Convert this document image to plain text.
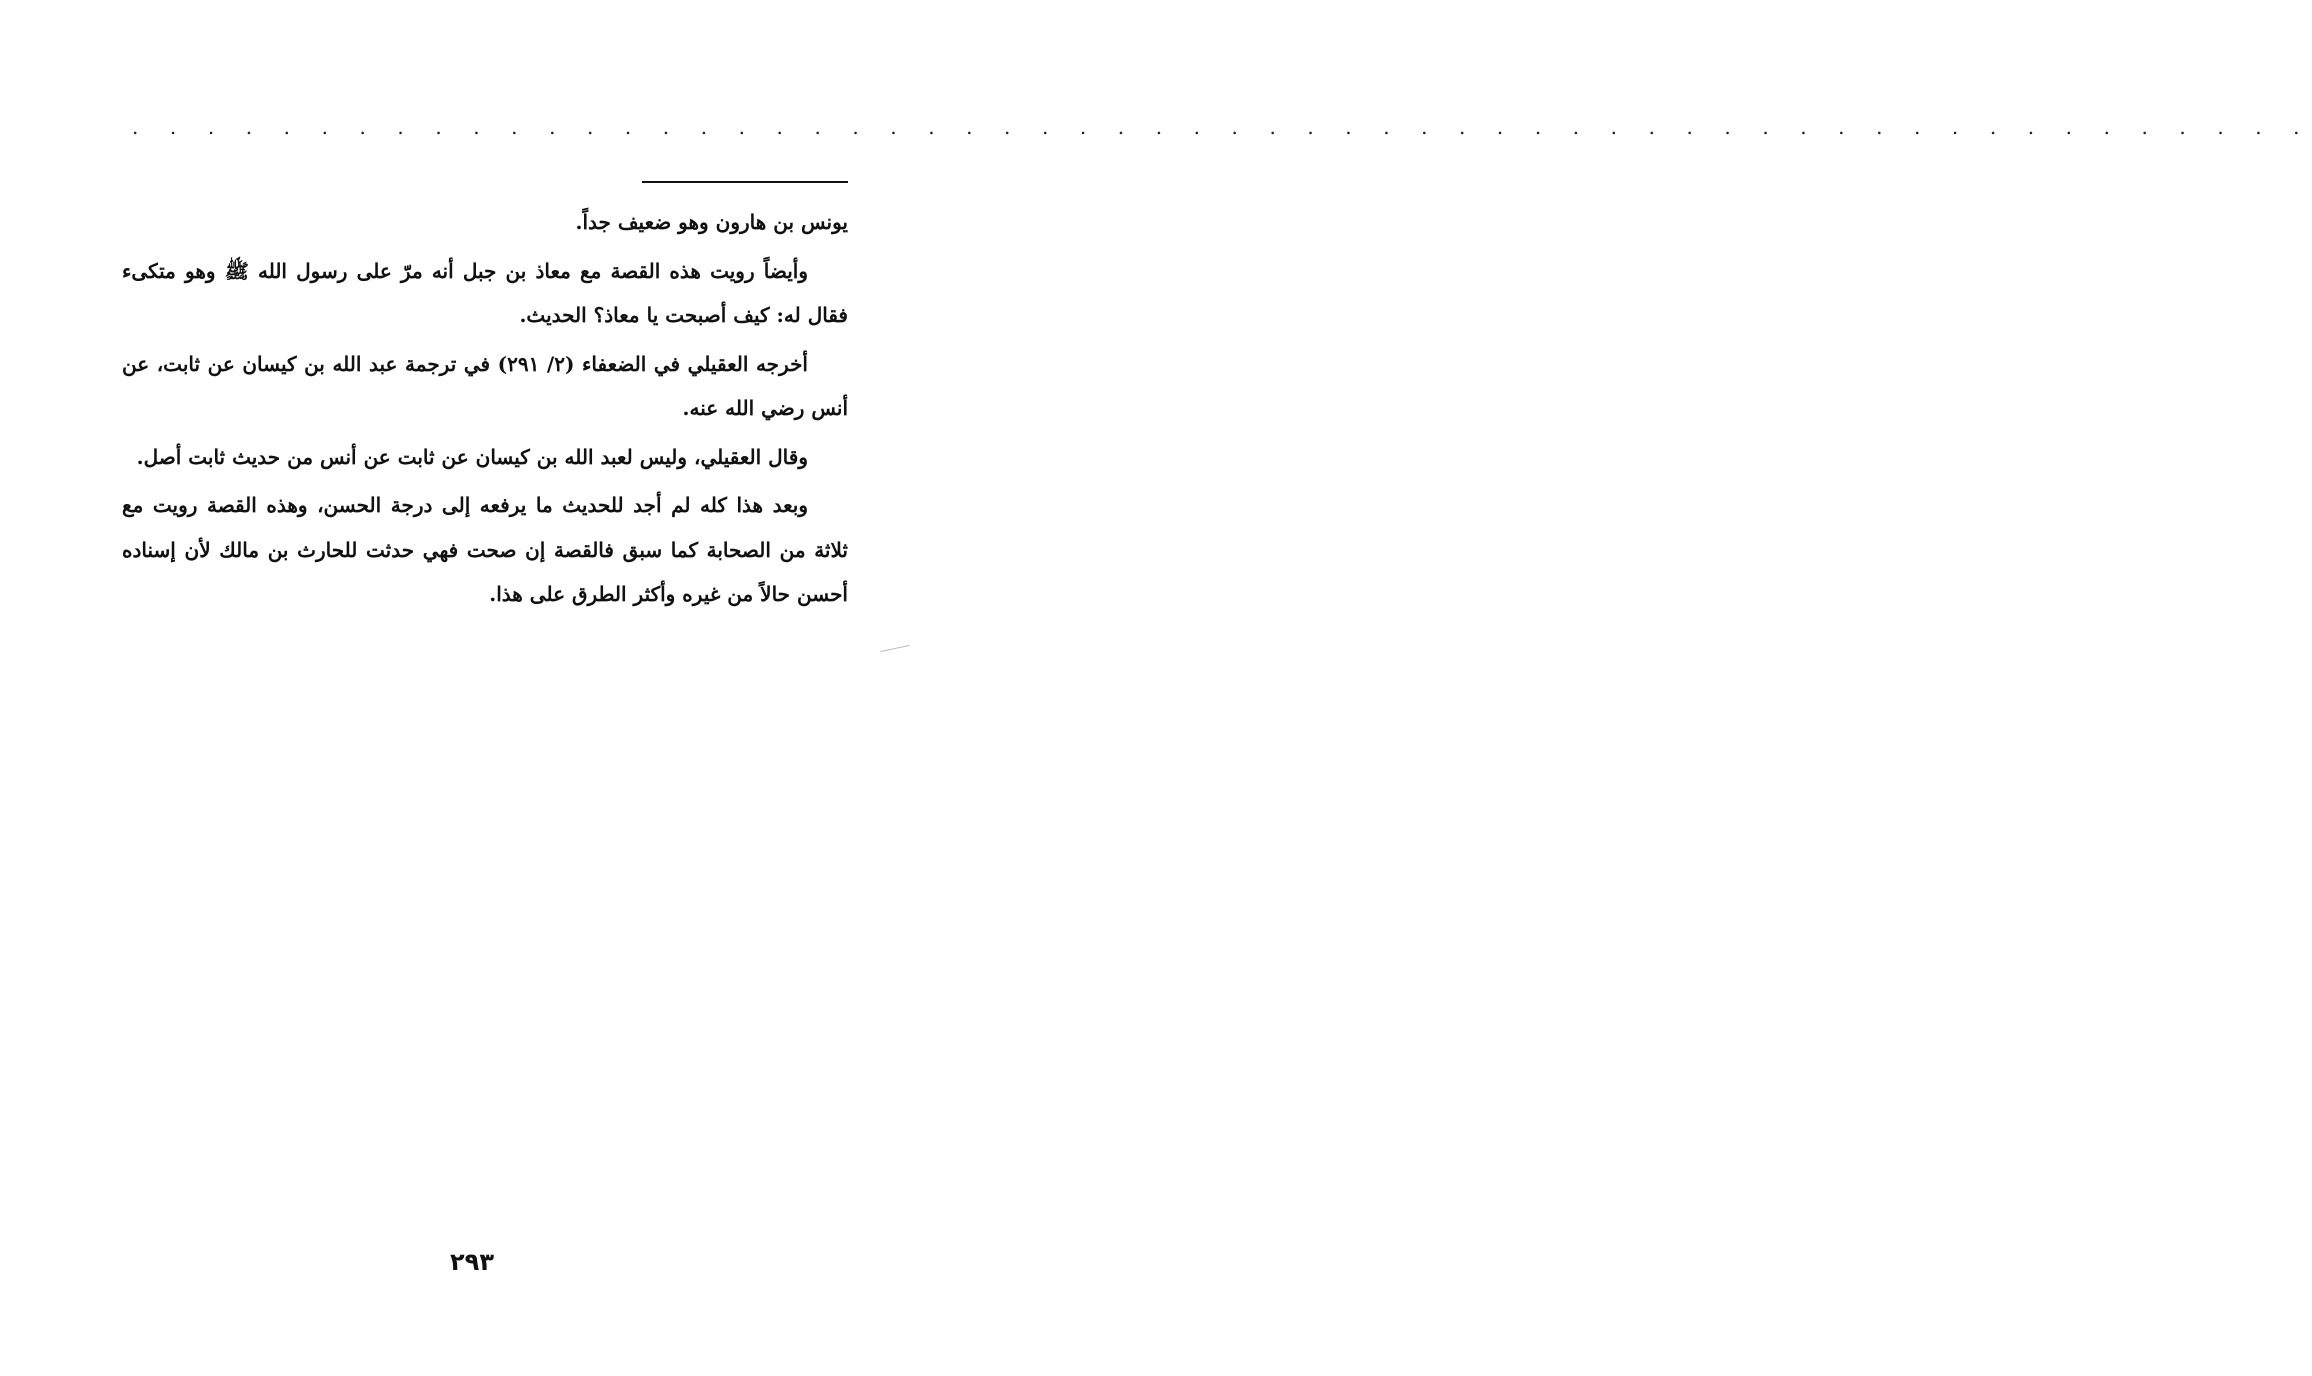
. . . . . . . . . . . . . . . . . . . . . . . . . . . . . . . . . . . . . . . . . . . . . . . . . . . . . . . . . .

يونس بن هارون وهو ضعيف جداً.

وأيضاً رويت هذه القصة مع معاذ بن جبل أنه مرّ على رسول الله ﷺ وهو متكىء فقال له: كيف أصبحت يا معاذ؟ الحديث.

أخرجه العقيلي في الضعفاء (٢/ ٢٩١) في ترجمة عبد الله بن كيسان عن ثابت، عن أنس رضي الله عنه.

وقال العقيلي، وليس لعبد الله بن كيسان عن ثابت عن أنس من حديث ثابت أصل.

وبعد هذا كله لم أجد للحديث ما يرفعه إلى درجة الحسن، وهذه القصة رويت مع ثلاثة من الصحابة كما سبق فالقصة إن صحت فهي حدثت للحارث بن مالك لأن إسناده أحسن حالاً من غيره وأكثر الطرق على هذا.

٢٩٣
